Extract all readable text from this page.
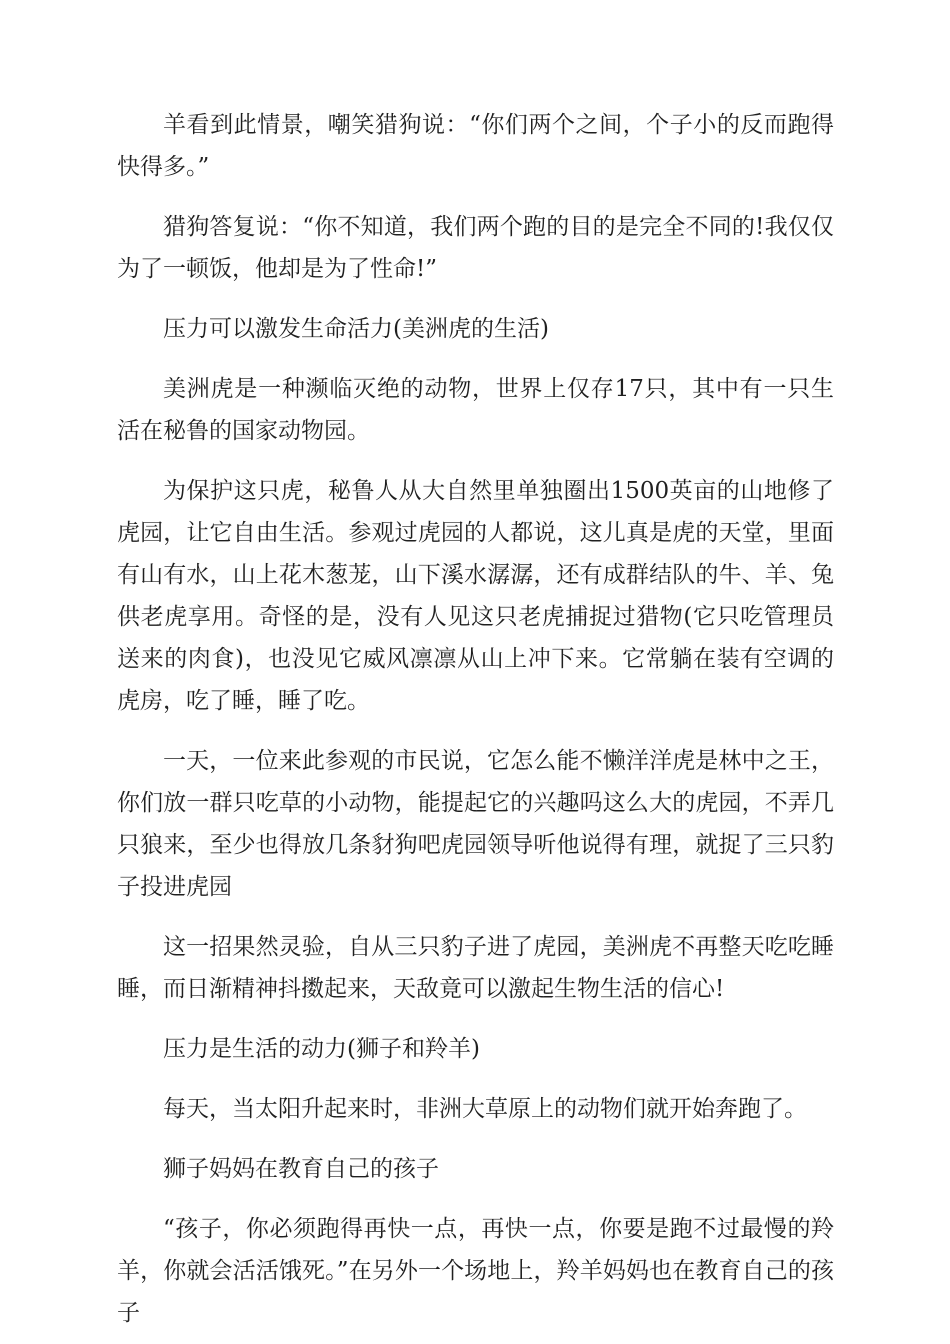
羊看到此情景，嘲笑猎狗说：“你们两个之间，个子小的反而跑得快得多。”

猎狗答复说：“你不知道，我们两个跑的目的是完全不同的!我仅仅为了一顿饭，他却是为了性命!”

压力可以激发生命活力(美洲虎的生活)

美洲虎是一种濒临灭绝的动物，世界上仅存17只，其中有一只生活在秘鲁的国家动物园。

为保护这只虎，秘鲁人从大自然里单独圈出1500英亩的山地修了虎园，让它自由生活。参观过虎园的人都说，这儿真是虎的天堂，里面有山有水，山上花木葱茏，山下溪水潺潺，还有成群结队的牛、羊、兔供老虎享用。奇怪的是，没有人见这只老虎捕捉过猎物(它只吃管理员送来的肉食)，也没见它威风凛凛从山上冲下来。它常躺在装有空调的虎房，吃了睡，睡了吃。

一天，一位来此参观的市民说，它怎么能不懒洋洋虎是林中之王，你们放一群只吃草的小动物，能提起它的兴趣吗这么大的虎园，不弄几只狼来，至少也得放几条豺狗吧虎园领导听他说得有理，就捉了三只豹子投进虎园

这一招果然灵验，自从三只豹子进了虎园，美洲虎不再整天吃吃睡睡，而日渐精神抖擞起来，天敌竟可以激起生物生活的信心!

压力是生活的动力(狮子和羚羊)

每天，当太阳升起来时，非洲大草原上的动物们就开始奔跑了。

狮子妈妈在教育自己的孩子

“孩子，你必须跑得再快一点，再快一点，你要是跑不过最慢的羚羊，你就会活活饿死。”在另外一个场地上，羚羊妈妈也在教育自己的孩子
